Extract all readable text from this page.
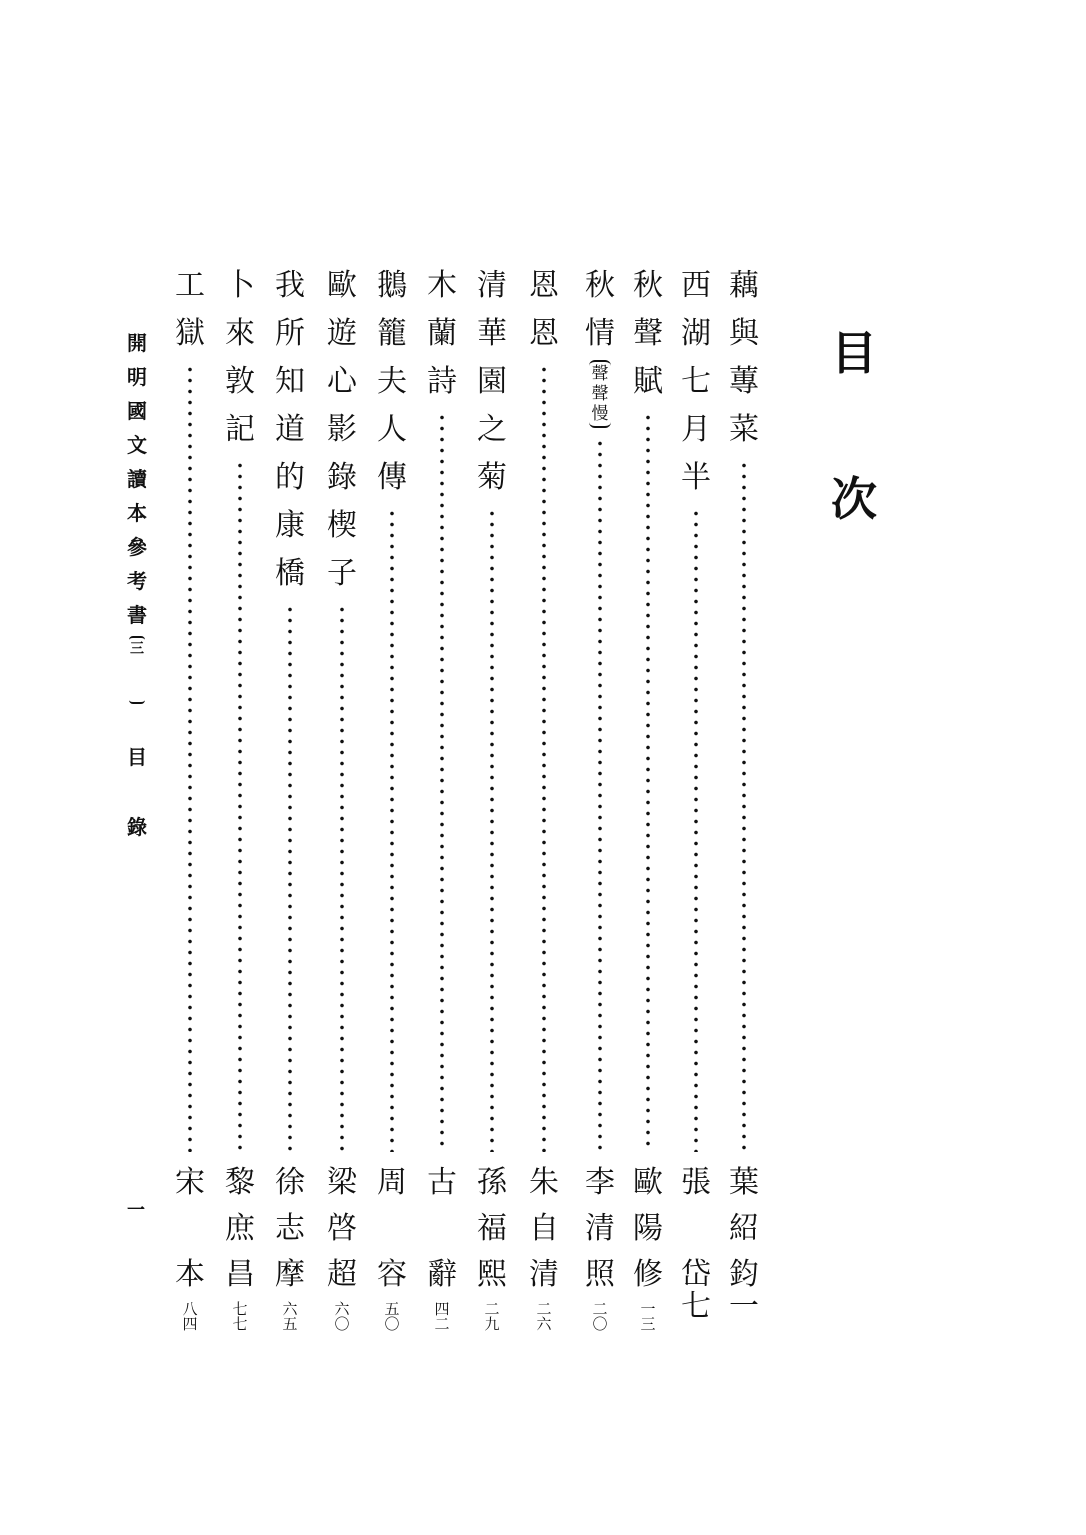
目
次
藕
與
蓴
菜
葉
紹
鈞
一
西
湖
七
月
半
張
岱
七
秋
聲
賦
歐
陽
修
一
三
秋
情
聲
聲
慢
李
清
照
二
〇
恩
恩
朱
自
清
二
六
清
華
園
之
菊
孫
福
熙
二
九
木
蘭
詩
古
辭
四
二
鵝
籠
夫
人
傳
周
容
五
〇
歐
遊
心
影
錄
楔
子
梁
啓
超
六
〇
我
所
知
道
的
康
橋
徐
志
摩
六
五
卜
來
敦
記
黎
庶
昌
七
七
工
獄
宋
本
八
四
開
明
國
文
讀
本
參
考
書
三
目
錄
一
